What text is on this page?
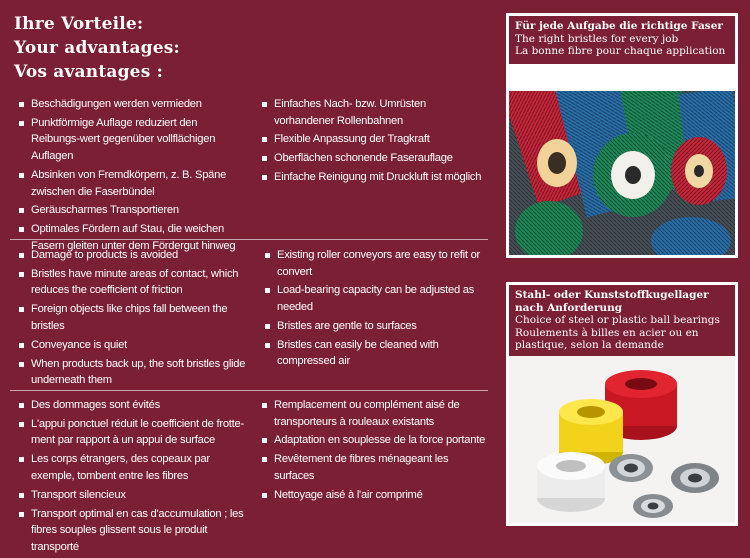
Ihre Vorteile:
Your advantages:
Vos avantages :
Beschädigungen werden vermieden
Punktförmige Auflage reduziert den Reibungs-wert gegenüber vollflächigen Auflagen
Absinken von Fremdkörpern, z. B. Späne zwischen die Faserbündel
Geräuscharmes Transportieren
Optimales Fördern auf Stau, die weichen Fasern gleiten unter dem Fördergut hinweg
Einfaches Nach- bzw. Umrüsten vorhandener Rollenbahnen
Flexible Anpassung der Tragkraft
Oberflächen schonende Faserauflage
Einfache Reinigung mit Druckluft ist möglich
Damage to products is avoided
Bristles have minute areas of contact, which reduces the coefficient of friction
Foreign objects like chips fall between the bristles
Conveyance is quiet
When products back up, the soft bristles glide underneath them
Existing roller conveyors are easy to refit or convert
Load-bearing capacity can be adjusted as needed
Bristles are gentle to surfaces
Bristles can easily be cleaned with compressed air
Des dommages sont évités
L'appui ponctuel réduit le coefficient de frotte-ment par rapport à un appui de surface
Les corps étrangers, des copeaux par exemple, tombent entre les fibres
Transport silencieux
Transport optimal en cas d'accumulation ; les fibres souples glissent sous le produit transporté
Remplacement ou complément aisé de transporteurs à rouleaux existants
Adaptation en souplesse de la force portante
Revêtement de fibres ménageant les surfaces
Nettoyage aisé à l'air comprimé
Für jede Aufgabe die richtige Faser
The right bristles for every job
La bonne fibre pour chaque application
Stahl- oder Kunststoffkugellager nach Anforderung
Choice of steel or plastic ball bearings
Roulements à billes en acier ou en plastique, selon la demande
